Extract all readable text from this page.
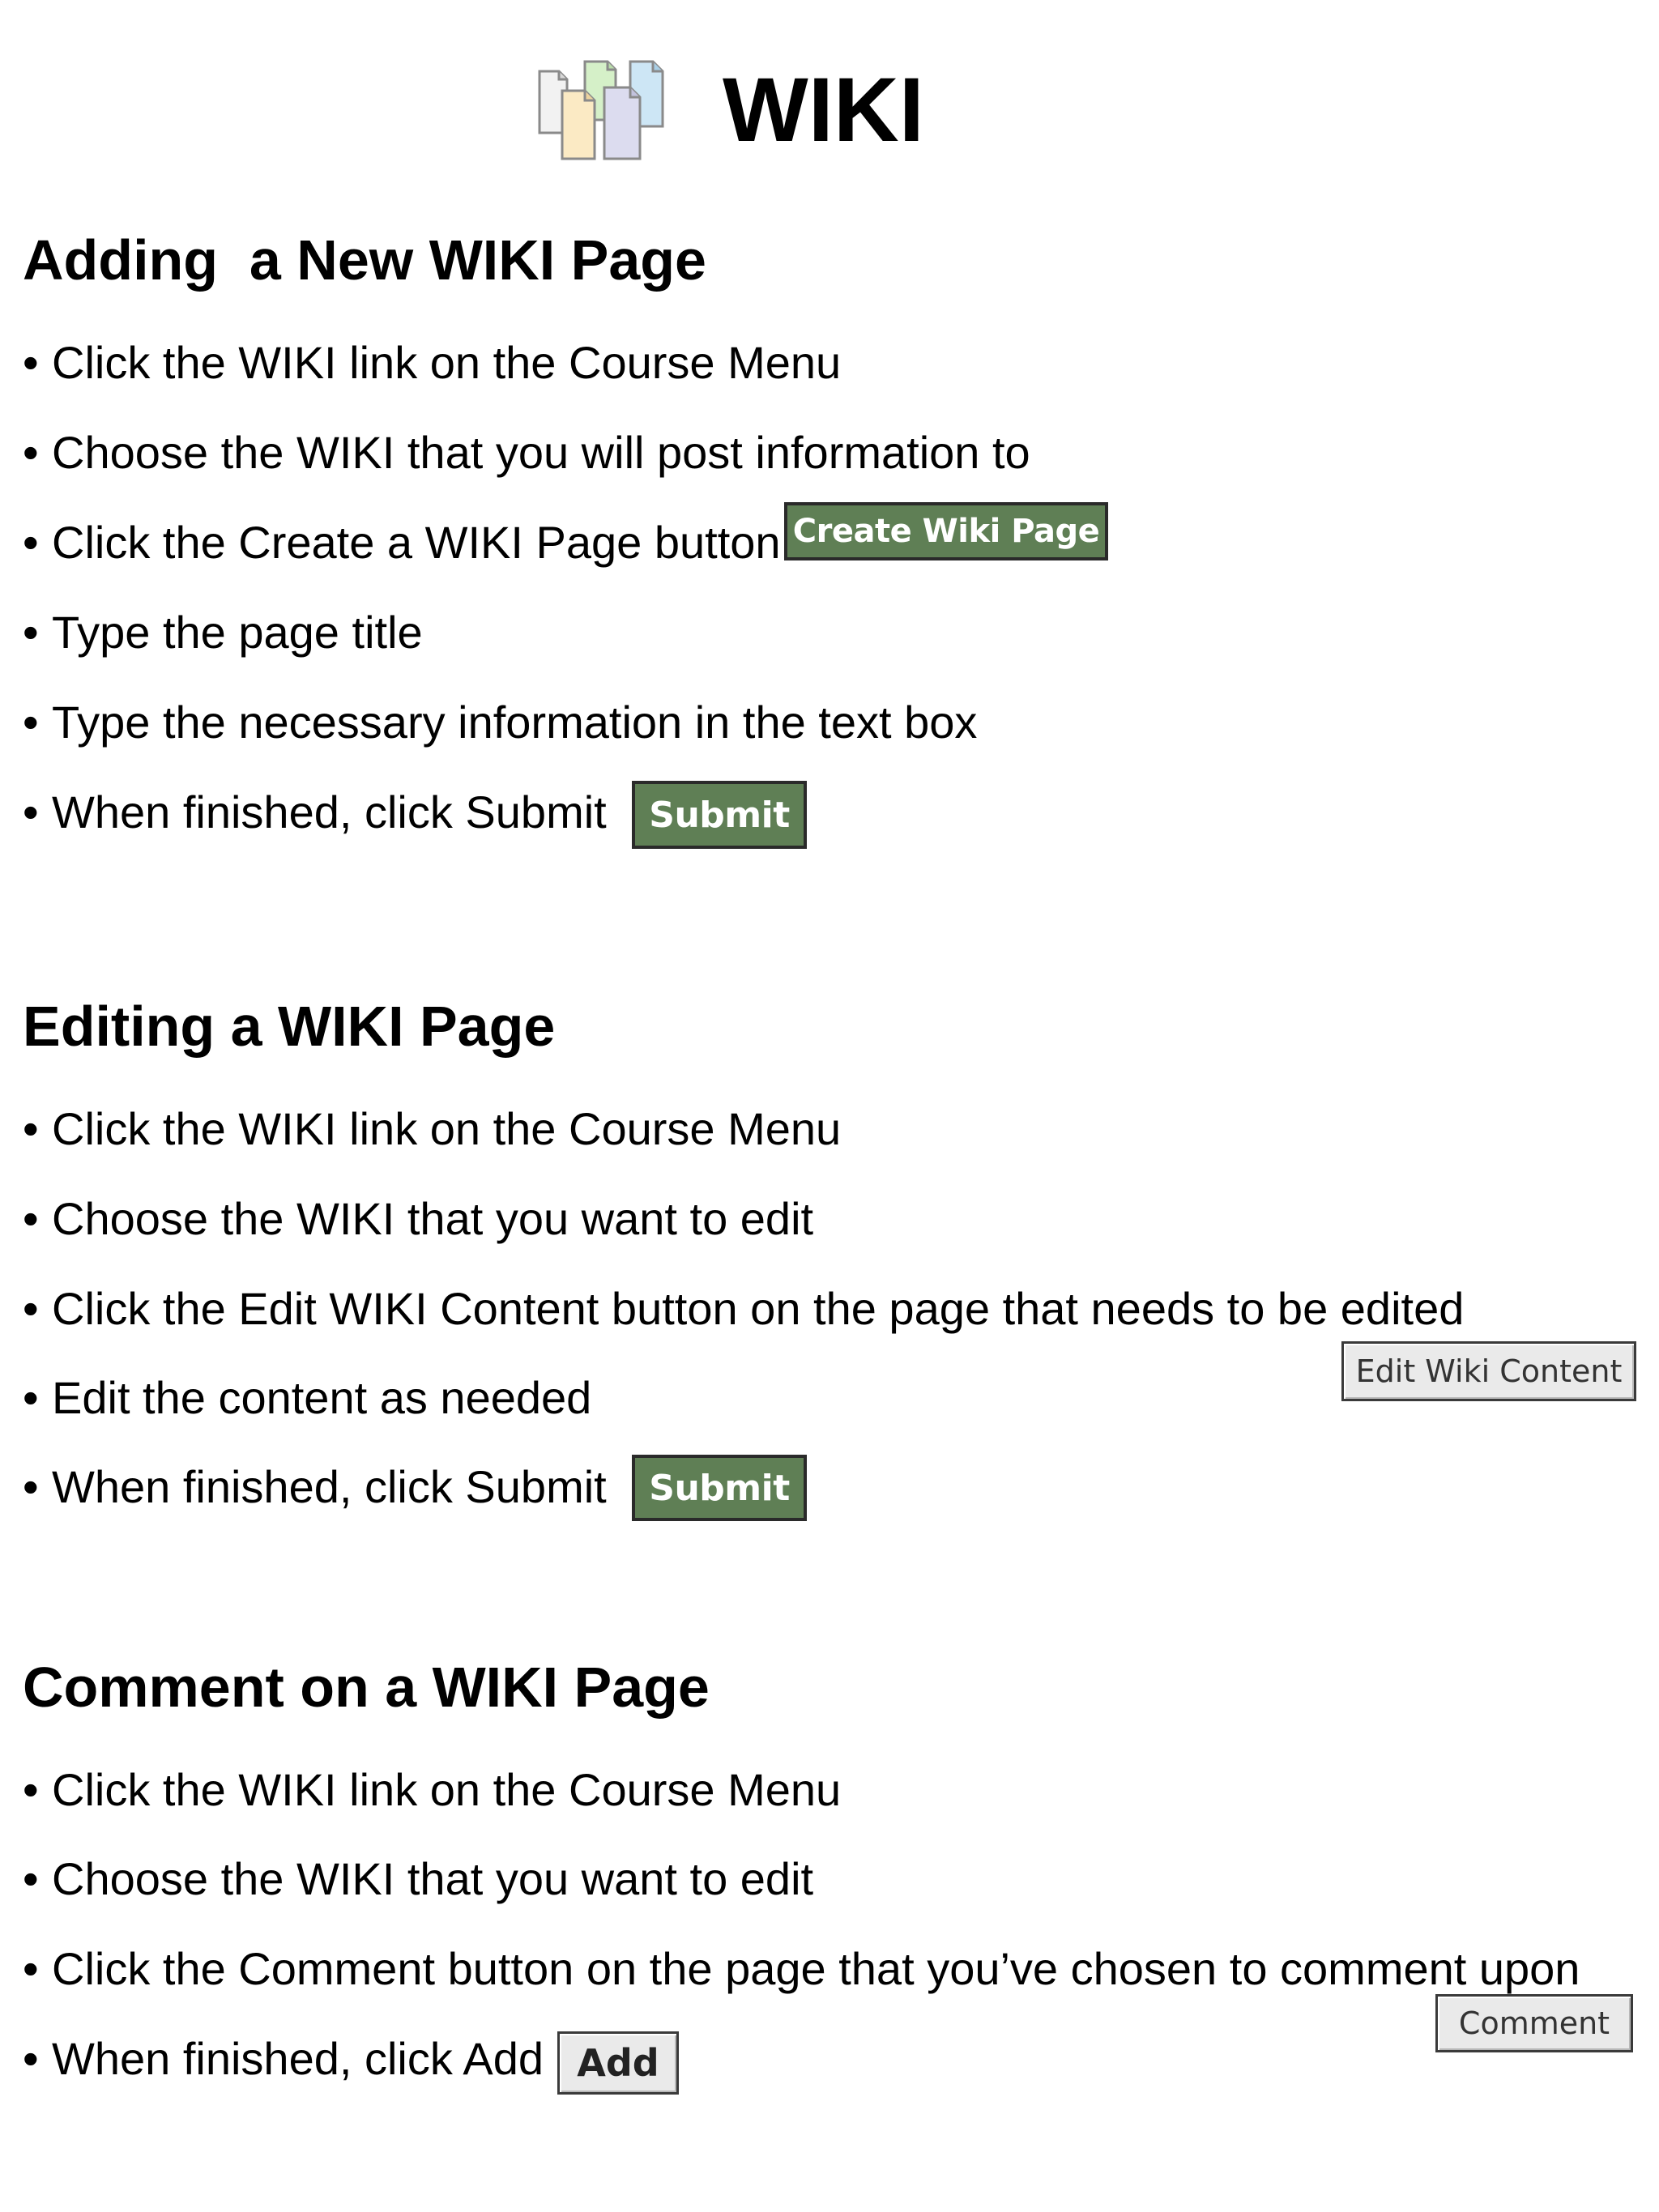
WIKI
Adding  a New WIKI Page
• Click the WIKI link on the Course Menu
• Choose the WIKI that you will post information to
• Click the Create a WIKI Page button Create Wiki Page
• Type the page title
• Type the necessary information in the text box
• When finished, click Submit	Submit
Editing a WIKI Page
• Click the WIKI link on the Course Menu
• Choose the WIKI that you want to edit
• Click the Edit WIKI Content button on the page that needs to be edited
• Edit the content as needed
Edit Wiki Content
• When finished, click Submit	Submit
Comment on a WIKI Page
• Click the WIKI link on the Course Menu
• Choose the WIKI that you want to edit
• Click the Comment button on the page that you’ve chosen to comment upon
Comment
• When finished, click Add Add
